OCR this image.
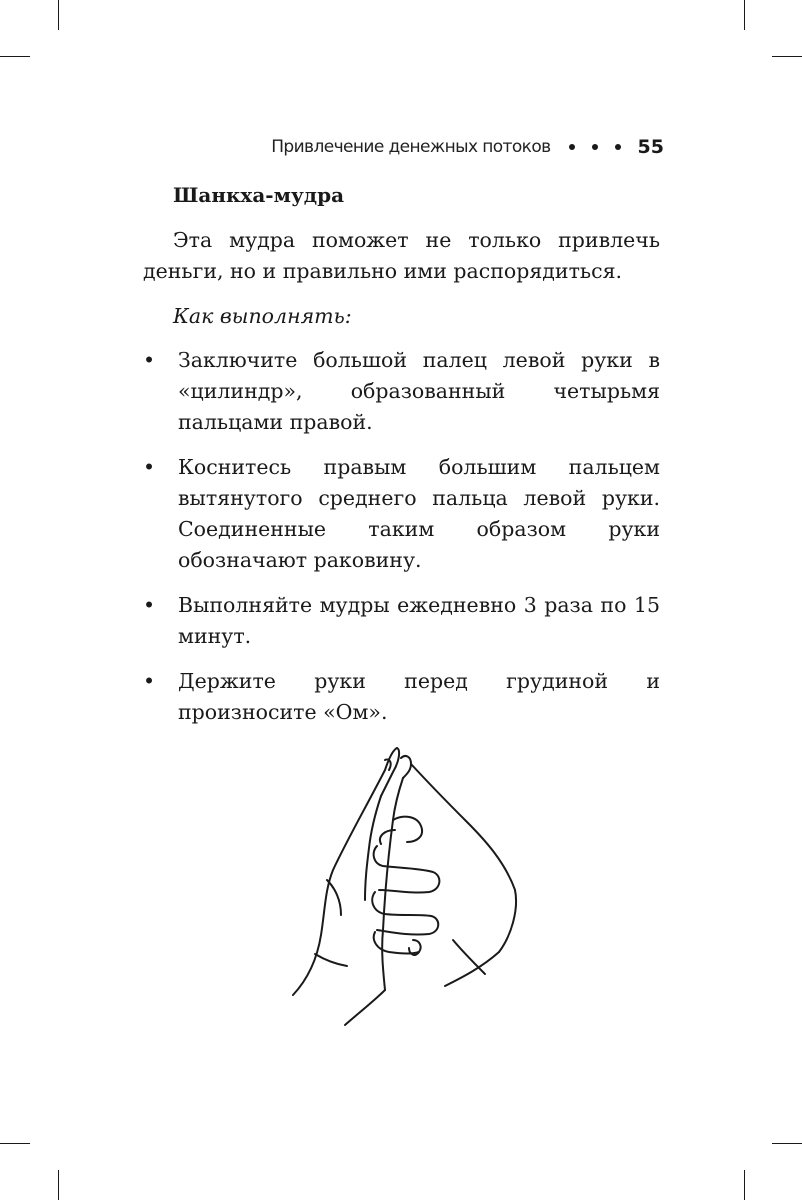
Привлечение денежных потоков	55

Шанкха-мудра

Эта мудра поможет не только привлечь деньги, но и правильно ими распорядиться.

Как выполнять:

• Заключите большой палец левой руки в «цилиндр», образованный четырьмя пальцами правой.
• Коснитесь правым большим пальцем вытянутого среднего пальца левой руки. Соединенные таким образом руки обозначают раковину.
• Выполняйте мудры ежедневно 3 раза по 15 минут.
• Держите руки перед грудиной и произносите «Ом».
